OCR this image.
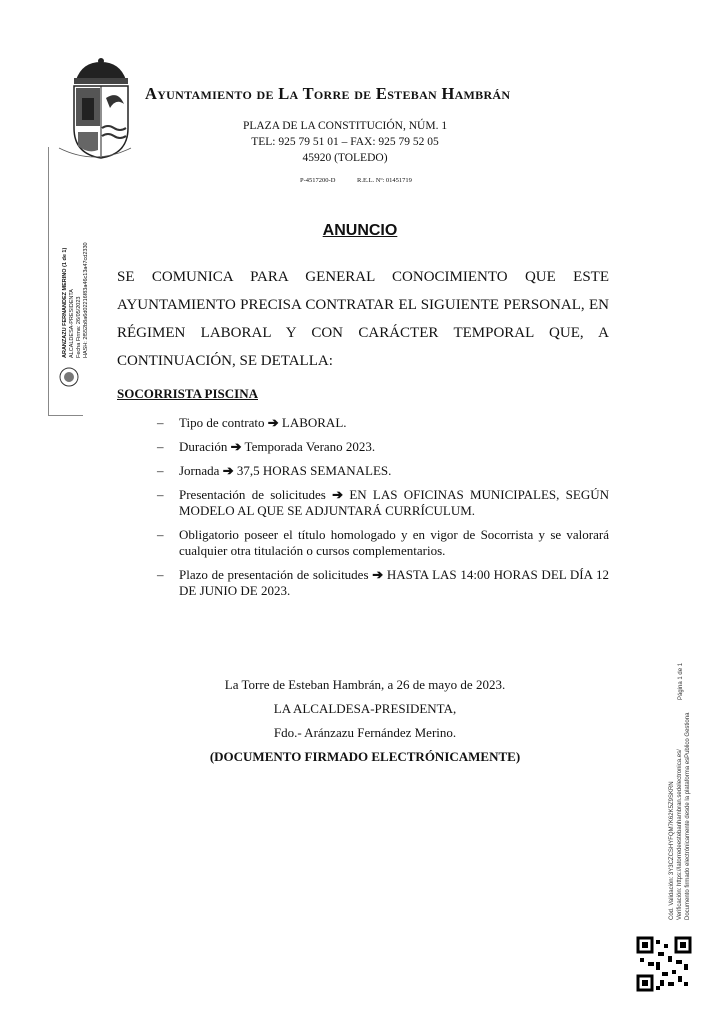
Ayuntamiento de La Torre de Esteban Hambrán
PLAZA DE LA CONSTITUCIÓN, NÚM. 1
TEL: 925 79 51 01 – FAX: 925 79 52 05
45920 (TOLEDO)
P-4517200-D	R.E.L. Nº: 01451719
ARANZAZU FERNANDEZ MERINO (1 de 1) ALCALDESA-PRESIDENTA Fecha Firma: 26/05/2023 HASH: 2f552b8a6d02216f83a46c13a47cd2330
ANUNCIO
SE COMUNICA PARA GENERAL CONOCIMIENTO QUE ESTE AYUNTAMIENTO PRECISA CONTRATAR EL SIGUIENTE PERSONAL, EN RÉGIMEN LABORAL Y CON CARÁCTER TEMPORAL QUE, A CONTINUACIÓN, SE DETALLA:
SOCORRISTA PISCINA
– Tipo de contrato ➔ LABORAL.
– Duración ➔ Temporada Verano 2023.
– Jornada ➔ 37,5 HORAS SEMANALES.
– Presentación de solicitudes ➔ EN LAS OFICINAS MUNICIPALES, SEGÚN MODELO AL QUE SE ADJUNTARÁ CURRÍCULUM.
– Obligatorio poseer el título homologado y en vigor de Socorrista y se valorará cualquier otra titulación o cursos complementarios.
– Plazo de presentación de solicitudes ➔ HASTA LAS 14:00 HORAS DEL DÍA 12 DE JUNIO DE 2023.
La Torre de Esteban Hambrán, a 26 de mayo de 2023.
LA ALCALDESA-PRESIDENTA,
Fdo.- Aránzazu Fernández Merino.
(DOCUMENTO FIRMADO ELECTRÓNICAMENTE)
Página 1 de 1
Cód. Validación: 3Y3CZCSHYFQM7K62K5Z9SKRN Verificación: https://latorredeestebanhambran.sedelectronica.es/ Documento firmado electrónicamente desde la plataforma esPublico Gestiona
